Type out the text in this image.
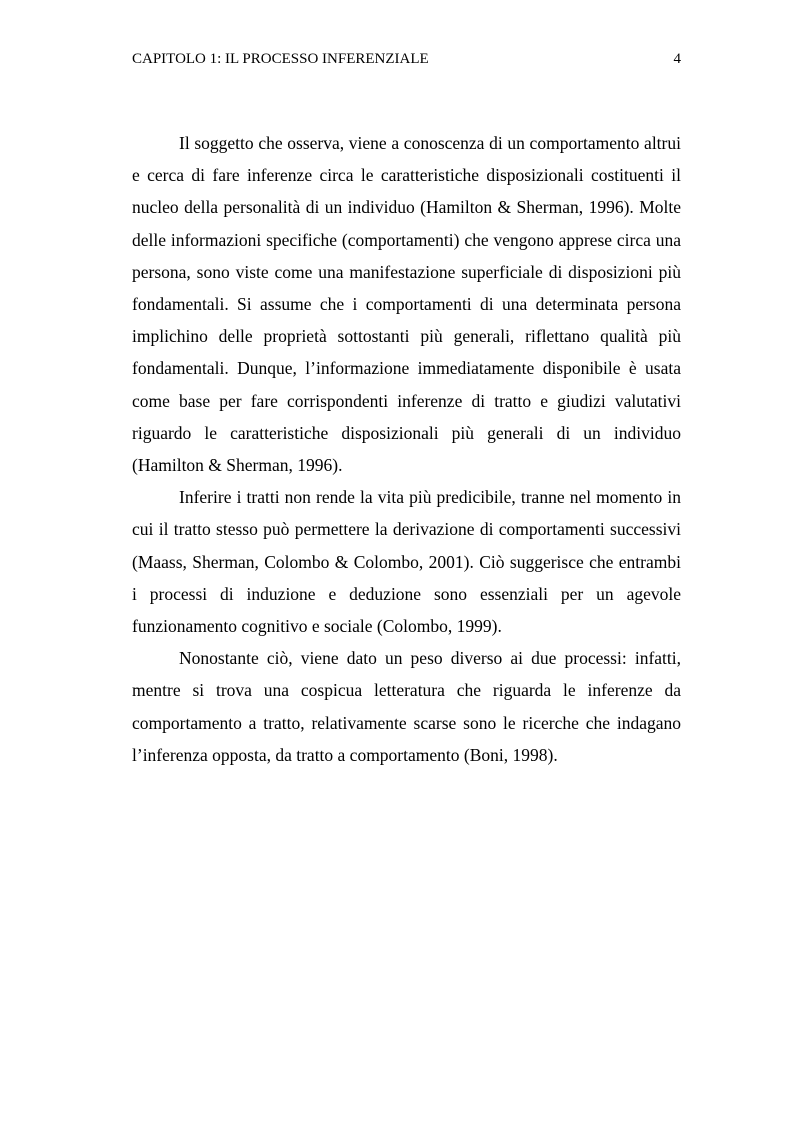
CAPITOLO 1: IL PROCESSO INFERENZIALE	4

Il soggetto che osserva, viene a conoscenza di un comportamento altrui e cerca di fare inferenze circa le caratteristiche disposizionali costituenti il nucleo della personalità di un individuo (Hamilton & Sherman, 1996). Molte delle informazioni specifiche (comportamenti) che vengono apprese circa una persona, sono viste come una manifestazione superficiale di disposizioni più fondamentali. Si assume che i comportamenti di una determinata persona implichino delle proprietà sottostanti più generali, riflettano qualità più fondamentali. Dunque, l’informazione immediatamente disponibile è usata come base per fare corrispondenti inferenze di tratto e giudizi valutativi riguardo le caratteristiche disposizionali più generali di un individuo (Hamilton & Sherman, 1996).

Inferire i tratti non rende la vita più predicibile, tranne nel momento in cui il tratto stesso può permettere la derivazione di comportamenti successivi (Maass, Sherman, Colombo & Colombo, 2001). Ciò suggerisce che entrambi i processi di induzione e deduzione sono essenziali per un agevole funzionamento cognitivo e sociale (Colombo, 1999).

Nonostante ciò, viene dato un peso diverso ai due processi: infatti, mentre si trova una cospicua letteratura che riguarda le inferenze da comportamento a tratto, relativamente scarse sono le ricerche che indagano l’inferenza opposta, da tratto a comportamento (Boni, 1998).
